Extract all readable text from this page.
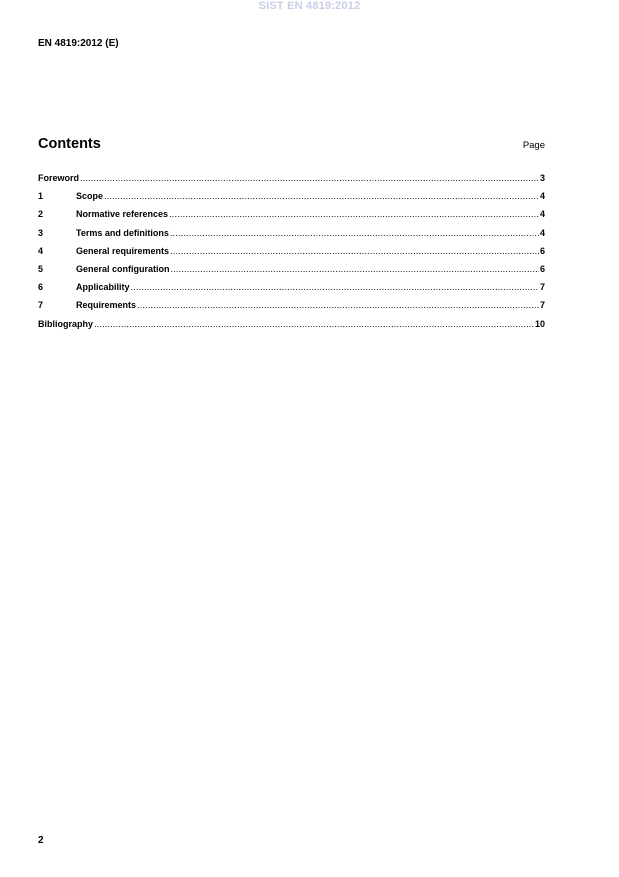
SIST EN 4819:2012
EN 4819:2012 (E)
Contents	Page
Foreword .....	3
1	Scope .....	4
2	Normative references .....	4
3	Terms and definitions .....	4
4	General requirements .....	6
5	General configuration .....	6
6	Applicability .....	7
7	Requirements .....	7
Bibliography .....	10
2
